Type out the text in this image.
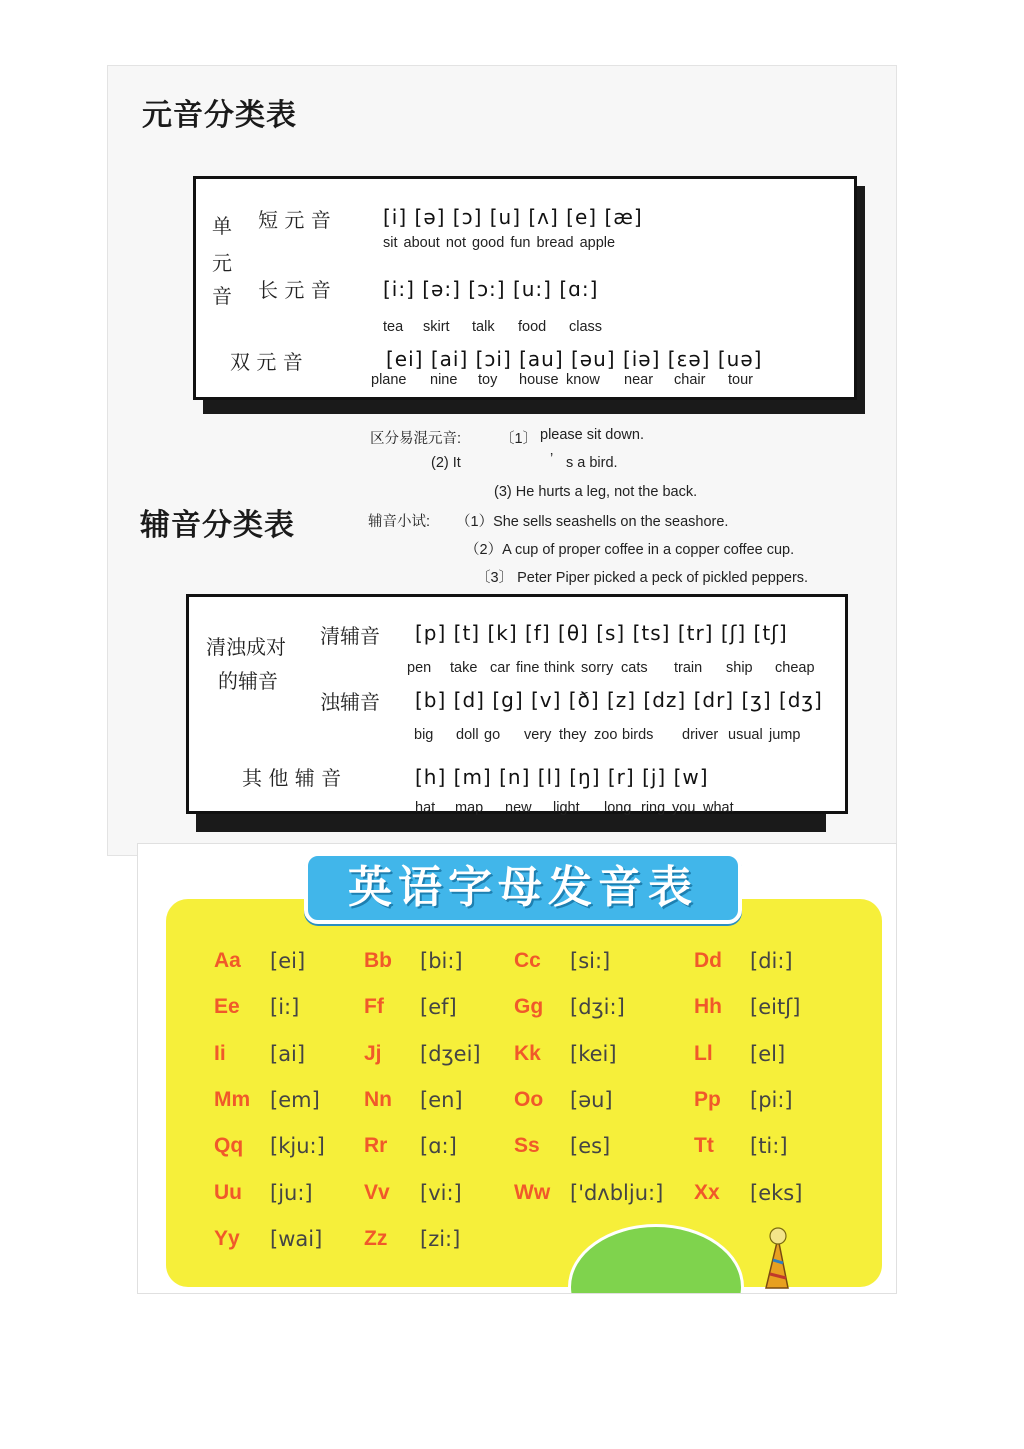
元音分类表
单
元
音
短 元 音	[i] [ə] [ɔ] [u] [ʌ] [e] [æ]
sit about not good fun bread apple
长 元 音	[i:] [ə:] [ɔ:] [u:] [ɑ:]
tea skirt talk food class
双 元 音	[ei] [ai] [ɔi] [au] [əu] [iə] [εə] [uə]
plane nine toy house know near chair tour
区分易混元音:	〔1〕 please sit down.
(2) It	’ s a bird.
(3) He hurts a leg, not the back.
辅音分类表	辅音小试: （1）She sells seashells on the seashore.
（2）A cup of proper coffee in a copper coffee cup.
〔3〕 Peter Piper picked a peck of pickled peppers.
清浊成对
的辅音
清辅音 [p] [t] [k] [f] [θ] [s] [ts] [tr] [ʃ] [tʃ]
pen take car fine think sorry cats train ship cheap
浊辅音 [b] [d] [g] [v] [ð] [z] [dz] [dr] [ʒ] [dʒ]
big doll go very they zoo birds driver usual jump
其 他 辅 音	[h] [m] [n] [l] [ŋ] [r] [j] [w]
hat map new light long ring you what
英语字母发音表
Aa [ei]	Bb [bi:] Cc [si:]	Dd [di:]
Ee [i:]	Ff [ef]	Gg [dʒi:]	Hh [eitʃ]
Ii [ai]	Jj [dʒei] Kk [kei]	Ll [el]
Mm [em] Nn [en] Oo [əu]	Pp [pi:]
Qq [kju:] Rr [ɑ:]	Ss [es]	Tt [ti:]
Uu [ju:] Vv [vi:] Ww ['dʌblju:] Xx [eks]
Yy [wai] Zz [zi:]
